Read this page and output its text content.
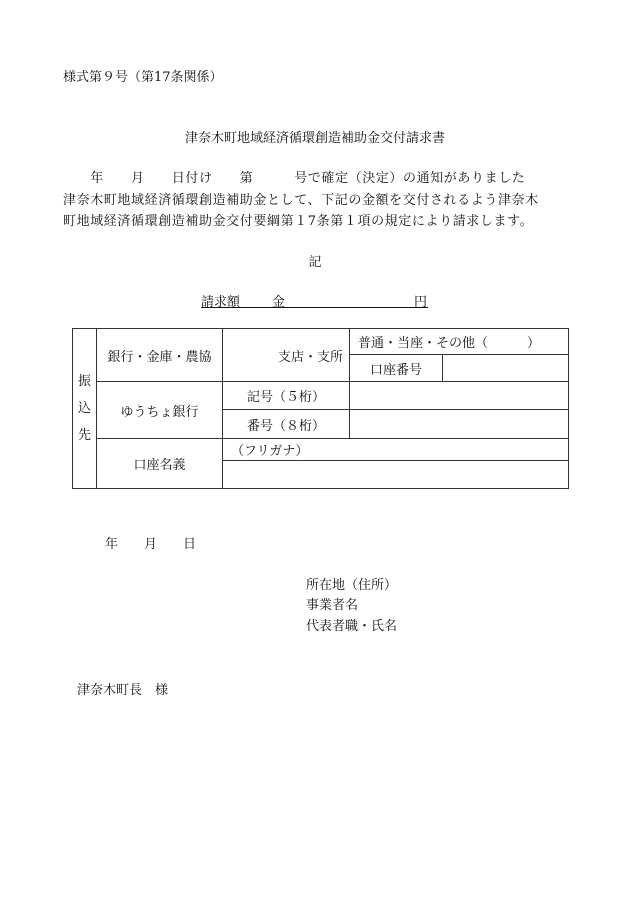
様式第９号（第17条関係）
津奈木町地域経済循環創造補助金交付請求書
　　年　　月　　日付け　　第　　　号で確定（決定）の通知がありました
津奈木町地域経済循環創造補助金として、下記の金額を交付されるよう津奈木
町地域経済循環創造補助金交付要綱第１7条第１項の規定により請求します。
記
請求額 金	円
振
込
先	銀行・金庫・農協	支店・支所	普通・当座・その他（　　　）	
			口座番号	
	ゆうちょ銀行	記号（５桁）		
		番号（８桁）		
	口座名義	（フリガナ）		

年　　月　　日
所在地（住所）
事業者名
代表者職・氏名
津奈木町長　様
